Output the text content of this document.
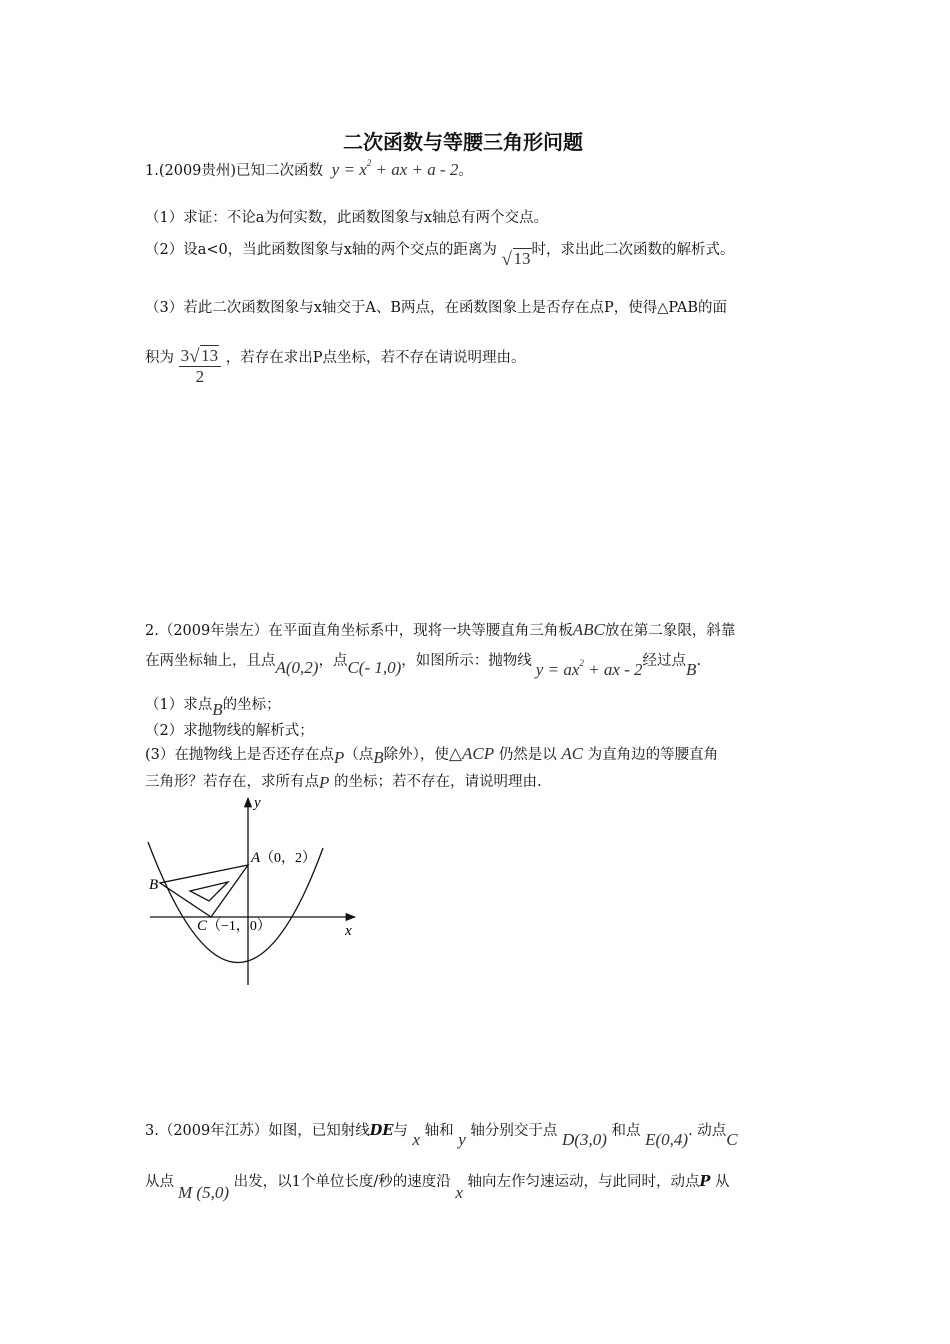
二次函数与等腰三角形问题
1.(2009贵州)已知二次函数 $y = x^2$ + ax + a - 2。
（1）求证：不论a为何实数，此函数图象与x轴总有两个交点。
（2）设a<0，当此函数图象与x轴的两个交点的距离为 √ 13时，求出此二次函数的解析式。
（3）若此二次函数图象与x轴交于A、B两点，在函数图象上是否存在点P，使得△PAB的面
积为 $\frac{3 √ 13}{2}$ ，若存在求出P点坐标，若不存在请说明理由。
2.（2009年崇左）在平面直角坐标系中，现将一块等腰直角三角板ABC放在第二象限，斜靠
在两坐标轴上，且点A(0,2)，点C(- 1,0)，如图所示：抛物线 $y = ax^2$ + ax - 2经过点B.
（1）求点B的坐标；
（2）求抛物线的解析式；
(3）在抛物线上是否还存在点P（点B除外），使△ACP 仍然是以 AC 为直角边的等腰直角
三角形？若存在，求所有点P 的坐标；若不存在，请说明理由.
y
x
A （0，2）
B
C （−1，0）
3.（2009年江苏）如图，已知射线DE与 x 轴和 y 轴分别交于点 D(3,0) 和点 E(0,4). 动点C
从点M (5,0) 出发，以1个单位长度/秒的速度沿 x 轴向左作匀速运动，与此同时，动点P 从
